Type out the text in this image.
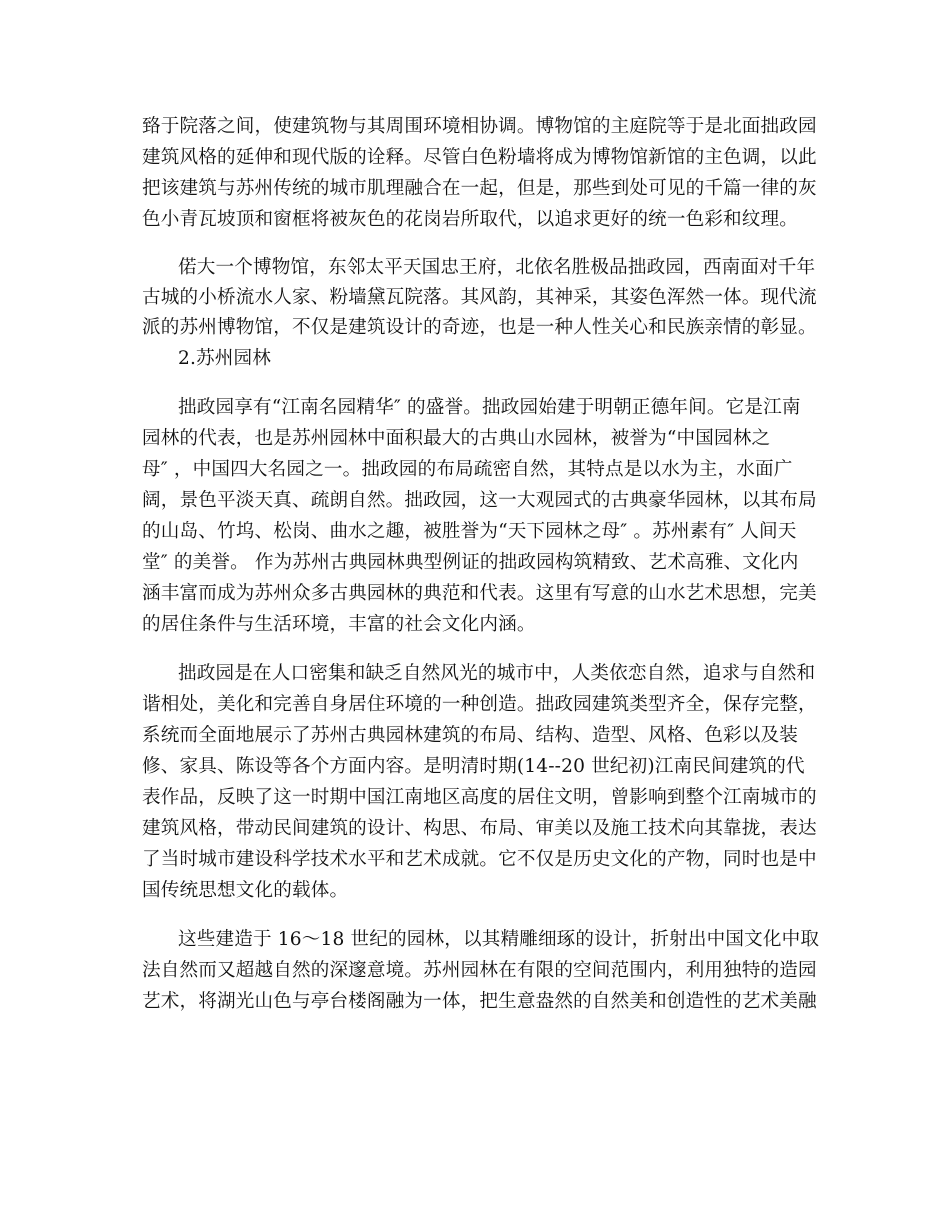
臵于院落之间，使建筑物与其周围环境相协调。博物馆的主庭院等于是北面拙政园
建筑风格的延伸和现代版的诠释。尽管白色粉墙将成为博物馆新馆的主色调，以此
把该建筑与苏州传统的城市肌理融合在一起，但是，那些到处可见的千篇一律的灰
色小青瓦坡顶和窗框将被灰色的花岗岩所取代，以追求更好的统一色彩和纹理。
偌大一个博物馆，东邻太平天国忠王府，北依名胜极品拙政园，西南面对千年
古城的小桥流水人家、粉墙黛瓦院落。其风韵，其神采，其姿色浑然一体。现代流
派的苏州博物馆，不仅是建筑设计的奇迹，也是一种人性关心和民族亲情的彰显。
2.苏州园林
拙政园享有“江南名园精华″ 的盛誉。拙政园始建于明朝正德年间。它是江南
园林的代表，也是苏州园林中面积最大的古典山水园林，被誉为“中国园林之
母″ ，中国四大名园之一。拙政园的布局疏密自然，其特点是以水为主，水面广
阔，景色平淡天真、疏朗自然。拙政园，这一大观园式的古典豪华园林，以其布局
的山岛、竹坞、松岗、曲水之趣，被胜誉为“天下园林之母″ 。苏州素有″ 人间天
堂″ 的美誉。 作为苏州古典园林典型例证的拙政园构筑精致、艺术高雅、文化内
涵丰富而成为苏州众多古典园林的典范和代表。这里有写意的山水艺术思想，完美
的居住条件与生活环境，丰富的社会文化内涵。
拙政园是在人口密集和缺乏自然风光的城市中，人类依恋自然，追求与自然和
谐相处，美化和完善自身居住环境的一种创造。拙政园建筑类型齐全，保存完整，
系统而全面地展示了苏州古典园林建筑的布局、结构、造型、风格、色彩以及装
修、家具、陈设等各个方面内容。是明清时期(14--20 世纪初)江南民间建筑的代
表作品，反映了这一时期中国江南地区高度的居住文明，曾影响到整个江南城市的
建筑风格，带动民间建筑的设计、构思、布局、审美以及施工技术向其靠拢，表达
了当时城市建设科学技术水平和艺术成就。它不仅是历史文化的产物，同时也是中
国传统思想文化的载体。
这些建造于 16～18 世纪的园林，以其精雕细琢的设计，折射出中国文化中取
法自然而又超越自然的深邃意境。苏州园林在有限的空间范围内，利用独特的造园
艺术，将湖光山色与亭台楼阁融为一体，把生意盎然的自然美和创造性的艺术美融
